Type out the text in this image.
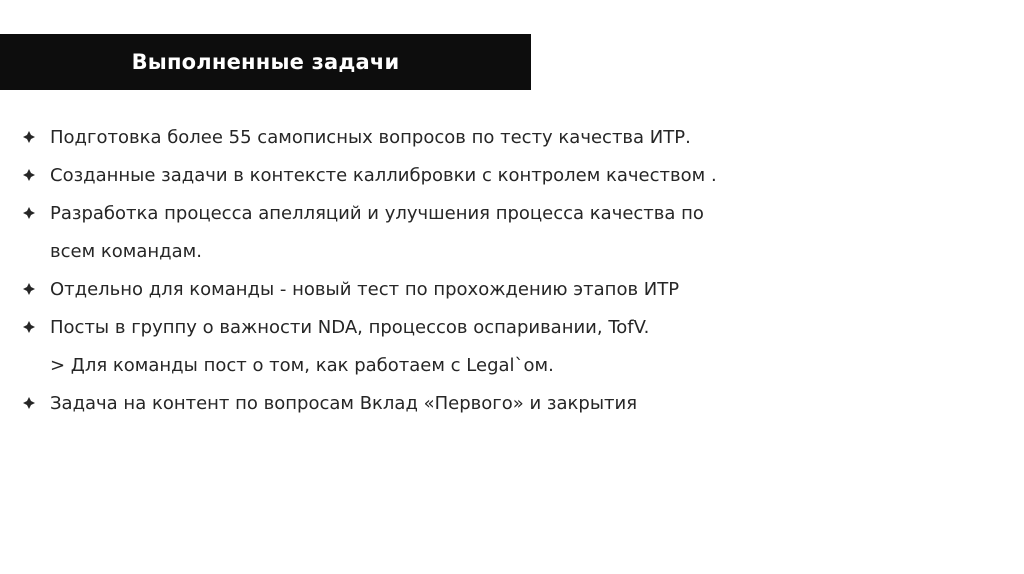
Выполненные задачи
Подготовка более 55 самописных вопросов по тесту качества ИТР.
Созданные задачи в контексте каллибровки с контролем качеством .
Разработка процесса апелляций и улучшения процесса качества по
всем командам.
Отдельно для команды - новый тест по прохождению этапов ИТР
Посты в группу о важности NDA, процессов оспаривании, TofV.
> Для команды пост о том, как работаем с Legal`ом.
Задача на контент по вопросам Вклад «Первого» и закрытия
